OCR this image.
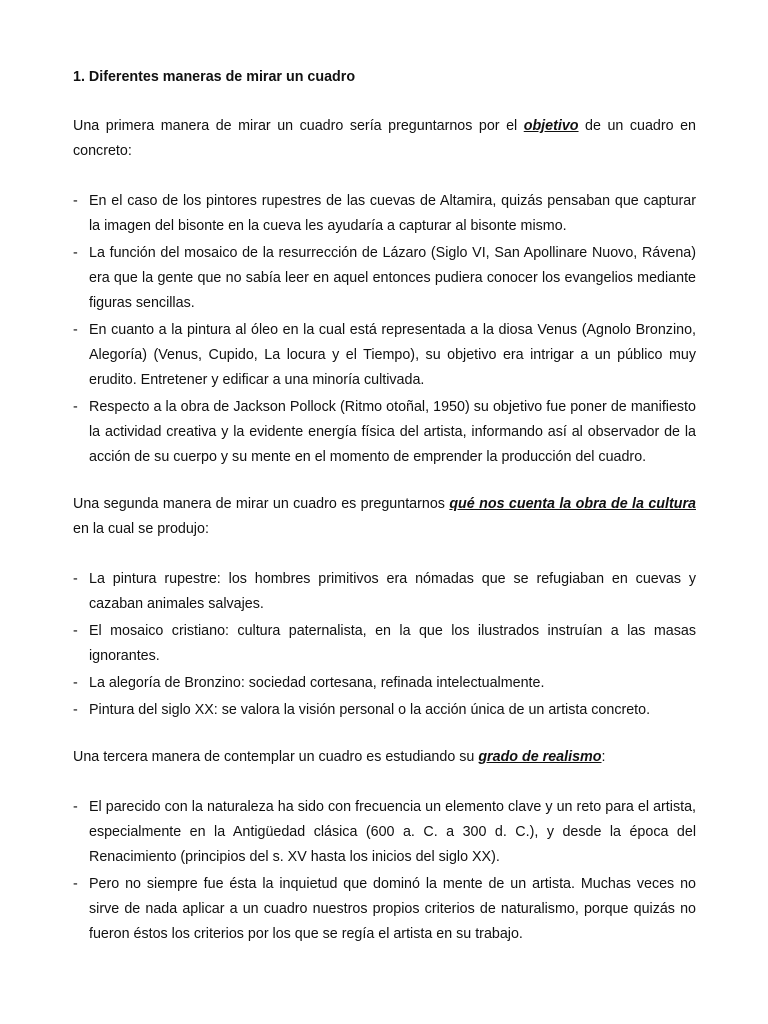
1. Diferentes maneras de mirar un cuadro

Una primera manera de mirar un cuadro sería preguntarnos por el objetivo de un cuadro en concreto:

- En el caso de los pintores rupestres de las cuevas de Altamira, quizás pensaban que capturar la imagen del bisonte en la cueva les ayudaría a capturar al bisonte mismo.
- La función del mosaico de la resurrección de Lázaro (Siglo VI, San Apollinare Nuovo, Rávena) era que la gente que no sabía leer en aquel entonces pudiera conocer los evangelios mediante figuras sencillas.
- En cuanto a la pintura al óleo en la cual está representada a la diosa Venus (Agnolo Bronzino, Alegoría) (Venus, Cupido, La locura y el Tiempo), su objetivo era intrigar a un público muy erudito. Entretener y edificar a una minoría cultivada.
- Respecto a la obra de Jackson Pollock (Ritmo otoñal, 1950) su objetivo fue poner de manifiesto la actividad creativa y la evidente energía física del artista, informando así al observador de la acción de su cuerpo y su mente en el momento de emprender la producción del cuadro.

Una segunda manera de mirar un cuadro es preguntarnos qué nos cuenta la obra de la cultura en la cual se produjo:

- La pintura rupestre: los hombres primitivos era nómadas que se refugiaban en cuevas y cazaban animales salvajes.
- El mosaico cristiano: cultura paternalista, en la que los ilustrados instruían a las masas ignorantes.
- La alegoría de Bronzino: sociedad cortesana, refinada intelectualmente.
- Pintura del siglo XX: se valora la visión personal o la acción única de un artista concreto.

Una tercera manera de contemplar un cuadro es estudiando su grado de realismo:

- El parecido con la naturaleza ha sido con frecuencia un elemento clave y un reto para el artista, especialmente en la Antigüedad clásica (600 a. C. a 300 d. C.), y desde la época del Renacimiento (principios del s. XV hasta los inicios del siglo XX).
- Pero no siempre fue ésta la inquietud que dominó la mente de un artista. Muchas veces no sirve de nada aplicar a un cuadro nuestros propios criterios de naturalismo, porque quizás no fueron éstos los criterios por los que se regía el artista en su trabajo.
